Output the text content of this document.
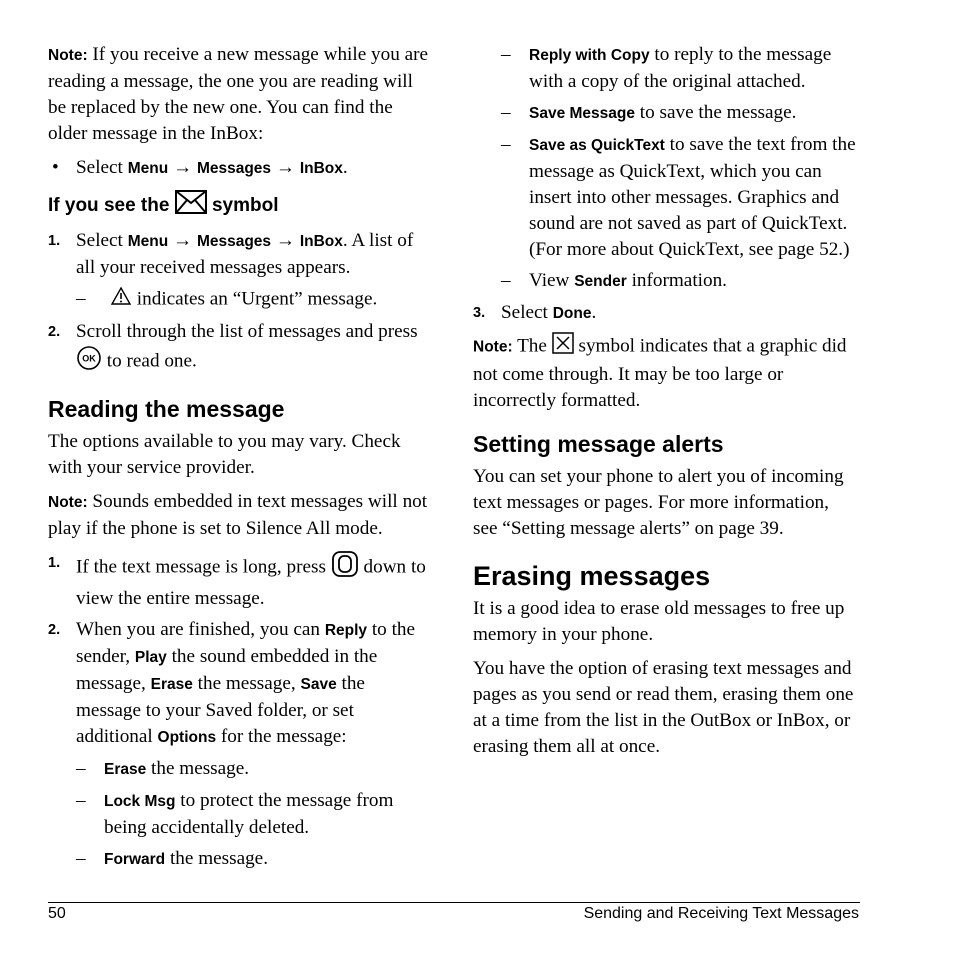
Note: If you receive a new message while you are reading a message, the one you are reading will be replaced by the new one. You can find the older message in the InBox:

• Select Menu → Messages → InBox.

If you see the symbol

1. Select Menu → Messages → InBox. A list of all your received messages appears.

–	indicates an “Urgent” message.

2. Scroll through the list of messages and press

OK to read one.

Reading the message

The options available to you may vary. Check with your service provider.

Note: Sounds embedded in text messages will not play if the phone is set to Silence All mode.

1. If the text message is long, press down to view the entire message.

2. When you are finished, you can Reply to the sender, Play the sound embedded in the message, Erase the message, Save the message to your Saved folder, or set additional Options for the message:

– Erase the message.

– Lock Msg to protect the message from being accidentally deleted.

– Forward the message.

– Reply with Copy to reply to the message with a copy of the original attached.

– Save Message to save the message.

– Save as QuickText to save the text from the message as QuickText, which you can insert into other messages. Graphics and sound are not saved as part of QuickText. (For more about QuickText, see page 52.)

– View Sender information.

3. Select Done.

Note: The symbol indicates that a graphic did not come through. It may be too large or incorrectly formatted.

Setting message alerts

You can set your phone to alert you of incoming text messages or pages. For more information, see “Setting message alerts” on page 39.

Erasing messages

It is a good idea to erase old messages to free up memory in your phone.

You have the option of erasing text messages and pages as you send or read them, erasing them one at a time from the list in the OutBox or InBox, or erasing them all at once.

50	Sending and Receiving Text Messages
